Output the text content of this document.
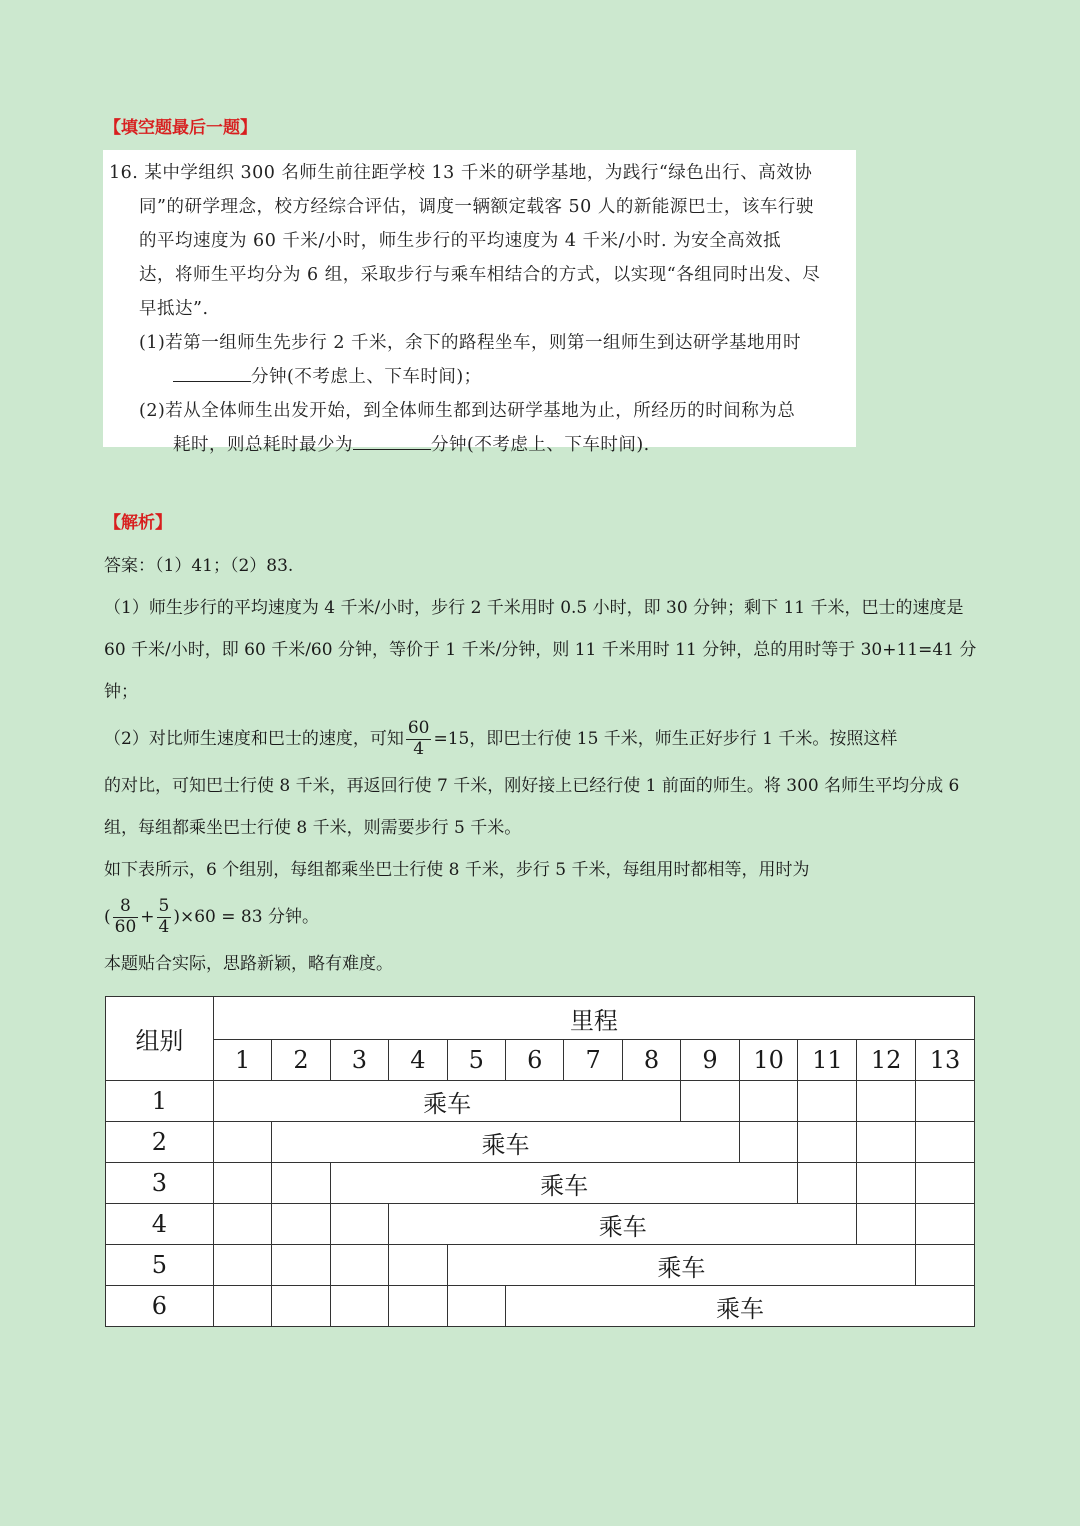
【填空题最后一题】

16. 某中学组织 300 名师生前往距学校 13 千米的研学基地，为践行“绿色出行、高效协

同”的研学理念，校方经综合评估，调度一辆额定载客 50 人的新能源巴士，该车行驶

的平均速度为 60 千米/小时，师生步行的平均速度为 4 千米/小时. 为安全高效抵

达，将师生平均分为 6 组，采取步行与乘车相结合的方式，以实现“各组同时出发、尽

早抵达”.

(1)若第一组师生先步行 2 千米，余下的路程坐车，则第一组师生到达研学基地用时

分钟(不考虑上、下车时间)；

(2)若从全体师生出发开始，到全体师生都到达研学基地为止，所经历的时间称为总

耗时，则总耗时最少为	分钟(不考虑上、下车时间).

【解析】

答案：（1）41；（2）83.

（1）师生步行的平均速度为 4 千米/小时，步行 2 千米用时 0.5 小时，即 30 分钟；剩下 11 千米，巴士的速度是 60 千米/小时，即 60 千米/60 分钟，等价于 1 千米/分钟，则 11 千米用时 11 分钟，总的用时等于 30+11=41 分钟；

（2）对比师生速度和巴士的速度，可知 $\frac{60}{4} =15$，即巴士行使 15 千米，师生正好步行 1 千米。按照这样

的对比，可知巴士行使 8 千米，再返回行使 7 千米，刚好接上已经行使 1 前面的师生。将 300 名师生平均分成 6 组，每组都乘坐巴士行使 8 千米，则需要步行 5 千米。

如下表所示，6 个组别，每组都乘坐巴士行使 8 千米，步行 5 千米，每组用时都相等，用时为

( $\frac{8}{60} + \frac{5}{4} )\times 60 = 83$ 分钟。

本题贴合实际，思路新颖，略有难度。

组别	里程												
	1	2	3	4	5	6	7	8	9	10	11	12	13
1	乘车												
2		乘车											
3			乘车										
4				乘车									
5					乘车								
6						乘车							
